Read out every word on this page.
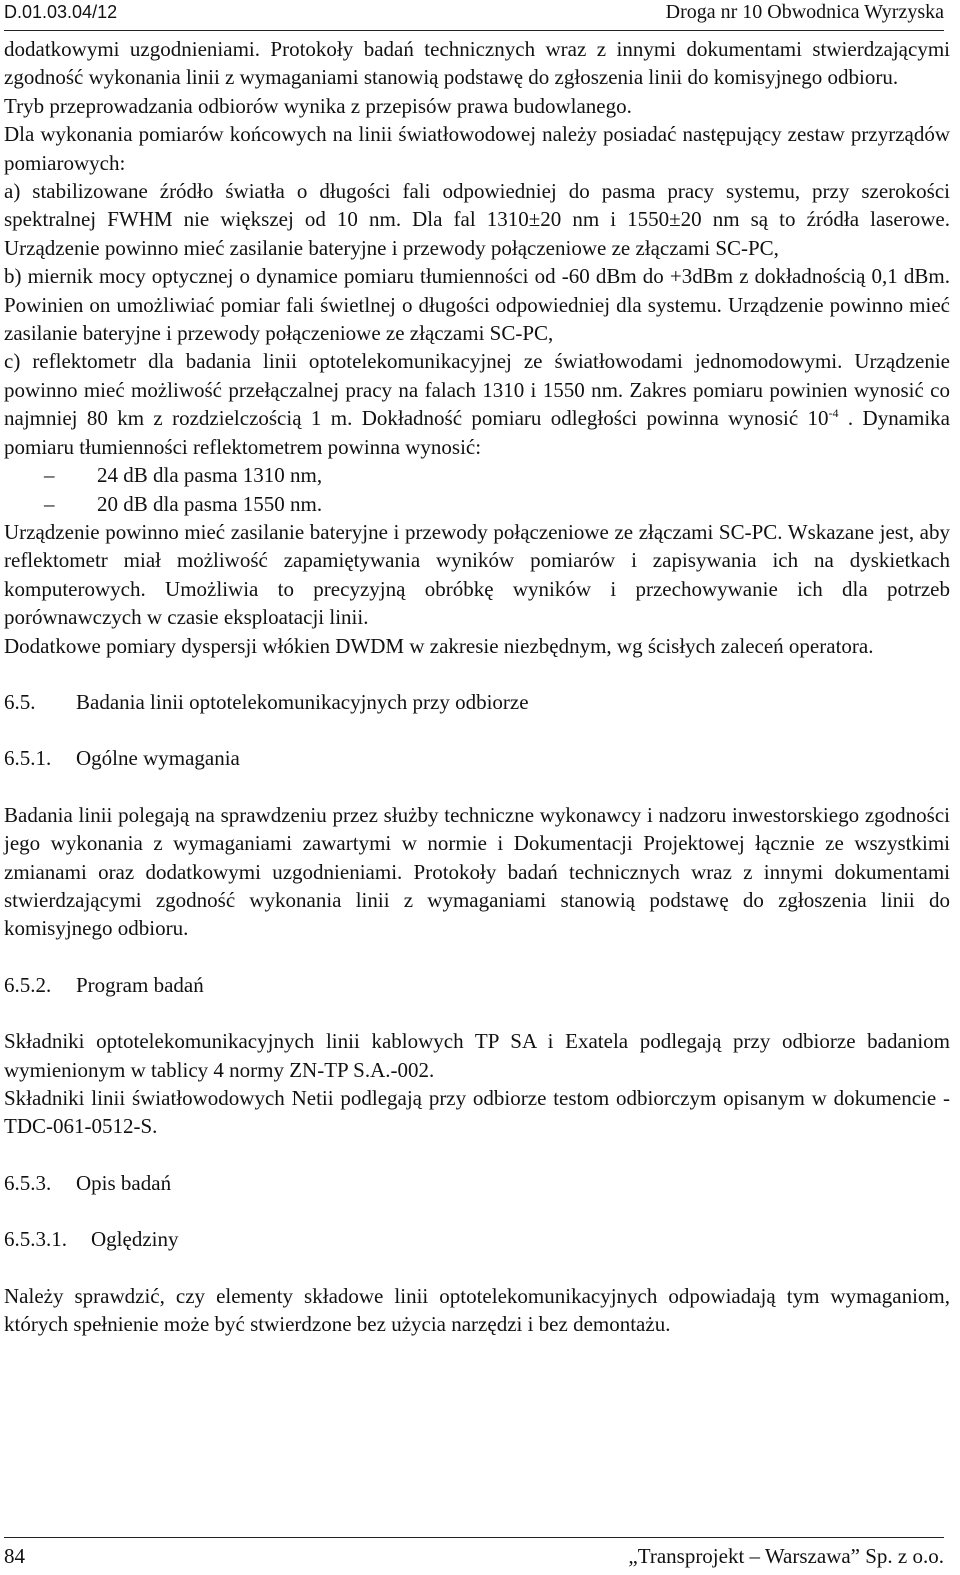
D.01.03.04/12	Droga nr 10 Obwodnica Wyrzyska

dodatkowymi uzgodnieniami. Protokoły badań technicznych wraz z innymi dokumentami stwierdzającymi zgodność wykonania linii z wymaganiami stanowią podstawę do zgłoszenia linii do komisyjnego odbioru.

Tryb przeprowadzania odbiorów wynika z przepisów prawa budowlanego.

Dla wykonania pomiarów końcowych na linii światłowodowej należy posiadać następujący zestaw przyrządów pomiarowych:

a) stabilizowane źródło światła o długości fali odpowiedniej do pasma pracy systemu, przy szerokości spektralnej FWHM nie większej od 10 nm. Dla fal 1310±20 nm i 1550±20 nm są to źródła laserowe. Urządzenie powinno mieć zasilanie bateryjne i przewody połączeniowe ze złączami SC-PC,

b) miernik mocy optycznej o dynamice pomiaru tłumienności od -60 dBm do +3dBm z dokładnością 0,1 dBm. Powinien on umożliwiać pomiar fali świetlnej o długości odpowiedniej dla systemu. Urządzenie powinno mieć zasilanie bateryjne i przewody połączeniowe ze złączami SC-PC,

c) reflektometr dla badania linii optotelekomunikacyjnej ze światłowodami jednomodowymi. Urządzenie powinno mieć możliwość przełączalnej pracy na falach 1310 i 1550 nm. Zakres pomiaru powinien wynosić co najmniej 80 km z rozdzielczością 1 m. Dokładność pomiaru odległości powinna wynosić $10^{-4}$ . Dynamika pomiaru tłumienności reflektometrem powinna wynosić:

–	24 dB dla pasma 1310 nm,
–	20 dB dla pasma 1550 nm.

Urządzenie powinno mieć zasilanie bateryjne i przewody połączeniowe ze złączami SC-PC. Wskazane jest, aby reflektometr miał możliwość zapamiętywania wyników pomiarów i zapisywania ich na dyskietkach komputerowych. Umożliwia to precyzyjną obróbkę wyników i przechowywanie ich dla potrzeb porównawczych w czasie eksploatacji linii.

Dodatkowe pomiary dyspersji włókien DWDM w zakresie niezbędnym, wg ścisłych zaleceń operatora.

6.5.	Badania linii optotelekomunikacyjnych przy odbiorze
6.5.1.	Ogólne wymagania

Badania linii polegają na sprawdzeniu przez służby techniczne wykonawcy i nadzoru inwestorskiego zgodności jego wykonania z wymaganiami zawartymi w normie i Dokumentacji Projektowej łącznie ze wszystkimi zmianami oraz dodatkowymi uzgodnieniami. Protokoły badań technicznych wraz z innymi dokumentami stwierdzającymi zgodność wykonania linii z wymaganiami stanowią podstawę do zgłoszenia linii do komisyjnego odbioru.

6.5.2.	Program badań

Składniki optotelekomunikacyjnych linii kablowych TP SA i Exatela podlegają przy odbiorze badaniom wymienionym w tablicy 4 normy ZN-TP S.A.-002.

Składniki linii światłowodowych Netii podlegają przy odbiorze testom odbiorczym opisanym w dokumencie - TDC-061-0512-S.

6.5.3.	Opis badań
6.5.3.1.	Oględziny

Należy sprawdzić, czy elementy składowe linii optotelekomunikacyjnych odpowiadają tym wymaganiom, których spełnienie może być stwierdzone bez użycia narzędzi i bez demontażu.

84	„Transprojekt – Warszawa” Sp. z o.o.
